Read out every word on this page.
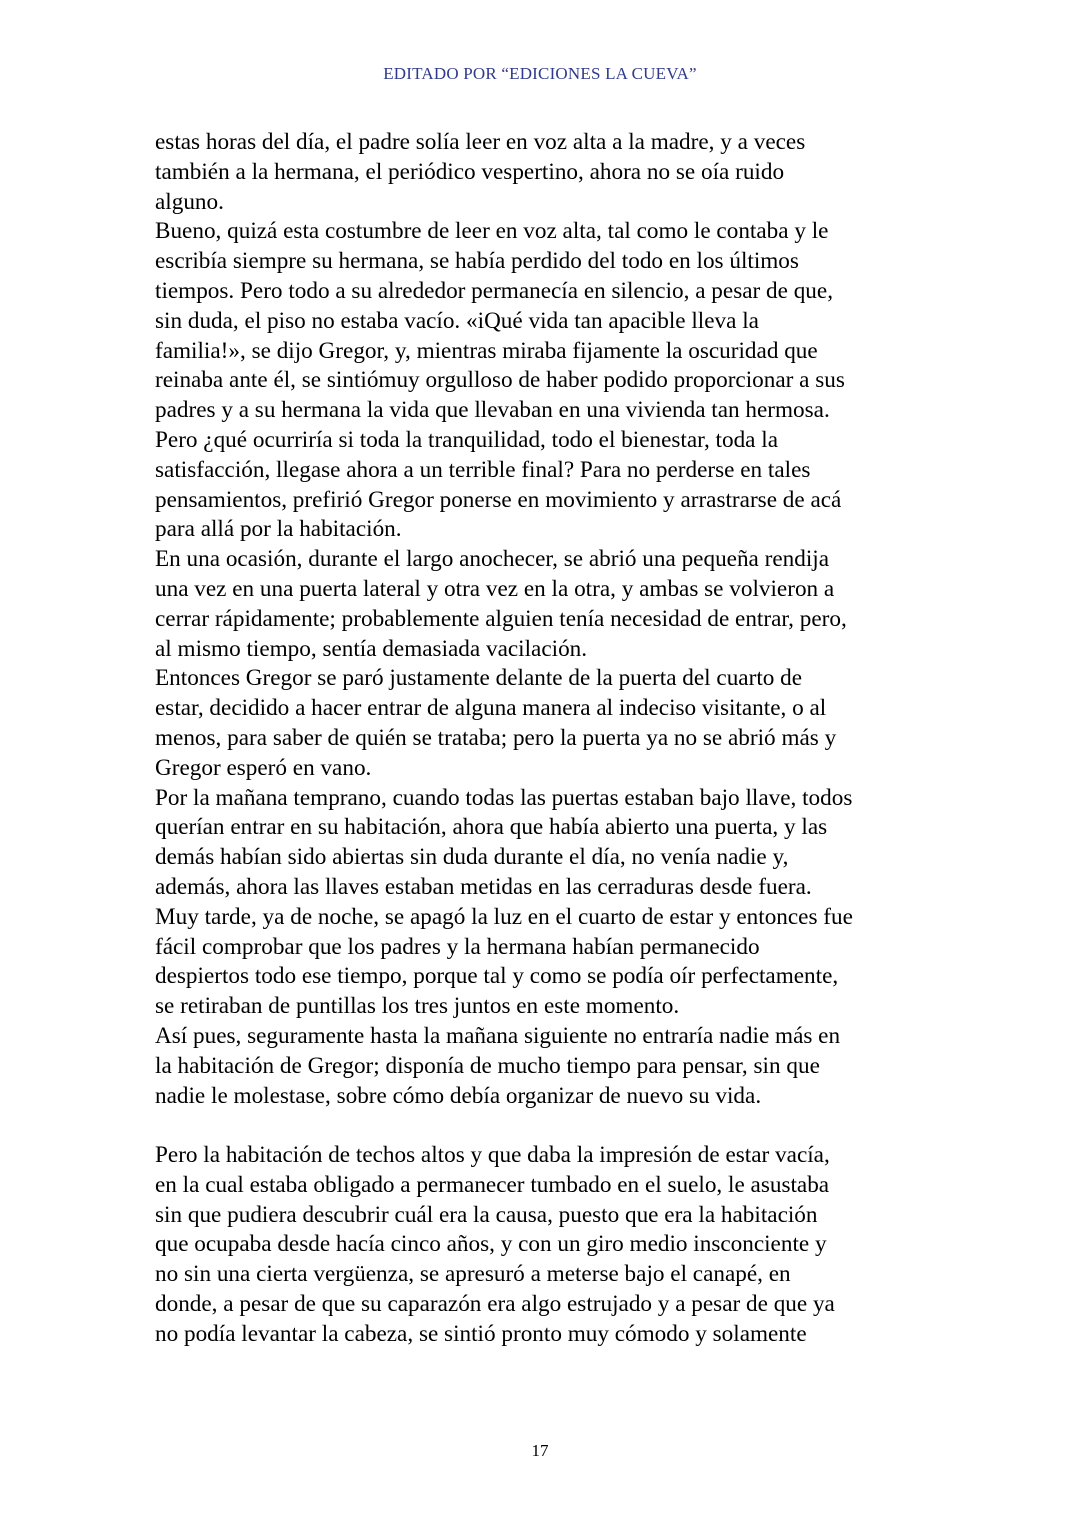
EDITADO POR “EDICIONES LA CUEVA”
estas horas del día, el padre solía leer en voz alta a la madre, y a veces
también a la hermana, el periódico vespertino, ahora no se oía ruido
alguno.
Bueno, quizá esta costumbre de leer en voz alta, tal como le contaba y le
escribía siempre su hermana, se había perdido del todo en los últimos
tiempos. Pero todo a su alrededor permanecía en silencio, a pesar de que,
sin duda, el piso no estaba vacío. «iQué vida tan apacible lleva la
familia!», se dijo Gregor, y, mientras miraba fijamente la oscuridad que
reinaba ante él, se sintiómuy orgulloso de haber podido proporcionar a sus
padres y a su hermana la vida que llevaban en una vivienda tan hermosa.
Pero ¿qué ocurriría si toda la tranquilidad, todo el bienestar, toda la
satisfacción, llegase ahora a un terrible final? Para no perderse en tales
pensamientos, prefirió Gregor ponerse en movimiento y arrastrarse de acá
para allá por la habitación.
En una ocasión, durante el largo anochecer, se abrió una pequeña rendija
una vez en una puerta lateral y otra vez en la otra, y ambas se volvieron a
cerrar rápidamente; probablemente alguien tenía necesidad de entrar, pero,
al mismo tiempo, sentía demasiada vacilación.
Entonces Gregor se paró justamente delante de la puerta del cuarto de
estar, decidido a hacer entrar de alguna manera al indeciso visitante, o al
menos, para saber de quién se trataba; pero la puerta ya no se abrió más y
Gregor esperó en vano.
Por la mañana temprano, cuando todas las puertas estaban bajo llave, todos
querían entrar en su habitación, ahora que había abierto una puerta, y las
demás habían sido abiertas sin duda durante el día, no venía nadie y,
además, ahora las llaves estaban metidas en las cerraduras desde fuera.
Muy tarde, ya de noche, se apagó la luz en el cuarto de estar y entonces fue
fácil comprobar que los padres y la hermana habían permanecido
despiertos todo ese tiempo, porque tal y como se podía oír perfectamente,
se retiraban de puntillas los tres juntos en este momento.
Así pues, seguramente hasta la mañana siguiente no entraría nadie más en
la habitación de Gregor; disponía de mucho tiempo para pensar, sin que
nadie le molestase, sobre cómo debía organizar de nuevo su vida.
Pero la habitación de techos altos y que daba la impresión de estar vacía,
en la cual estaba obligado a permanecer tumbado en el suelo, le asustaba
sin que pudiera descubrir cuál era la causa, puesto que era la habitación
que ocupaba desde hacía cinco años, y con un giro medio insconciente y
no sin una cierta vergüenza, se apresuró a meterse bajo el canapé, en
donde, a pesar de que su caparazón era algo estrujado y a pesar de que ya
no podía levantar la cabeza, se sintió pronto muy cómodo y solamente
17
